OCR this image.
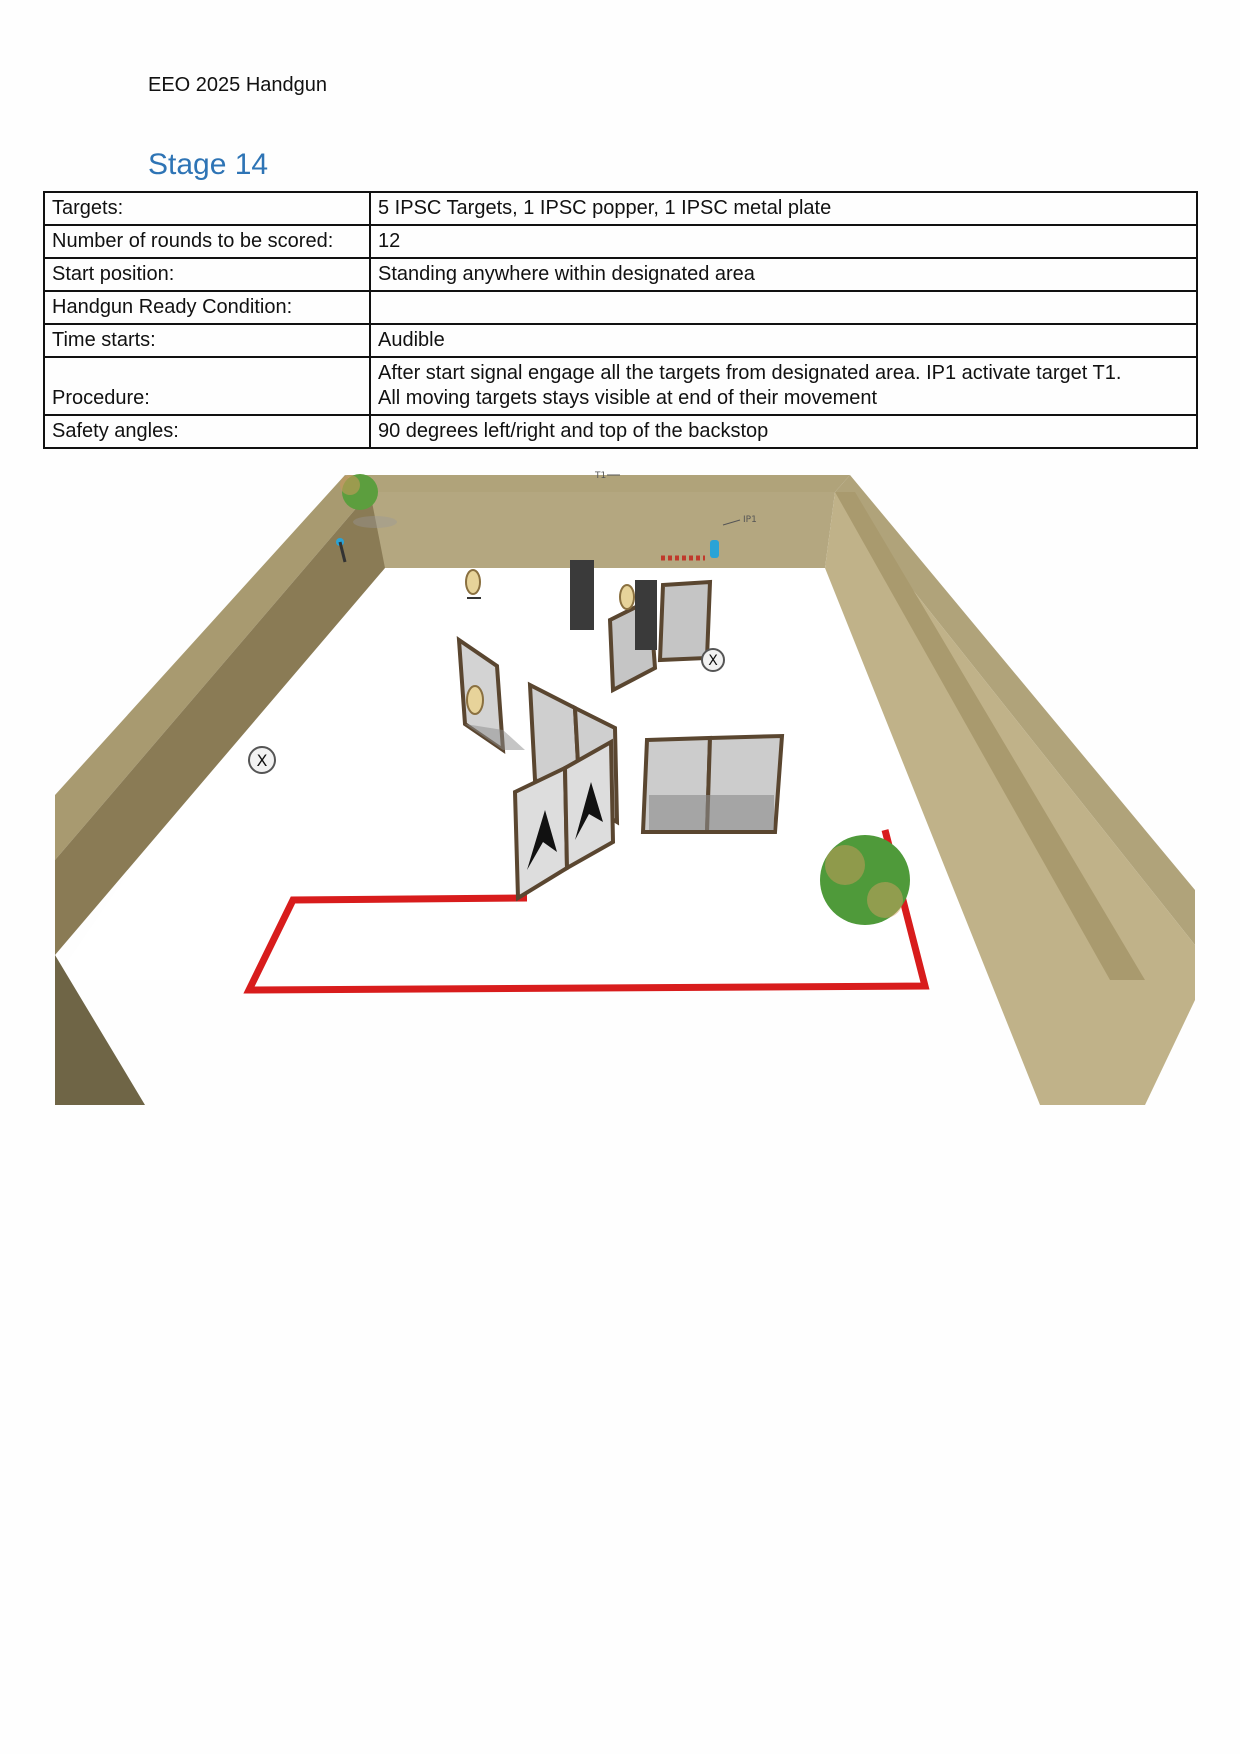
EEO 2025 Handgun
Stage 14
Targets:	5 IPSC Targets, 1 IPSC popper, 1 IPSC metal plate
Number of rounds to be scored:	12
Start position:	Standing anywhere within designated area
Handgun Ready Condition:	
Time starts:	Audible
Procedure:	After start signal engage all the targets from designated area. IP1 activate target T1.
All moving targets stays visible at end of their movement

Safety angles:	90 degrees left/right and top of the backstop
X
X
T1
IP1
